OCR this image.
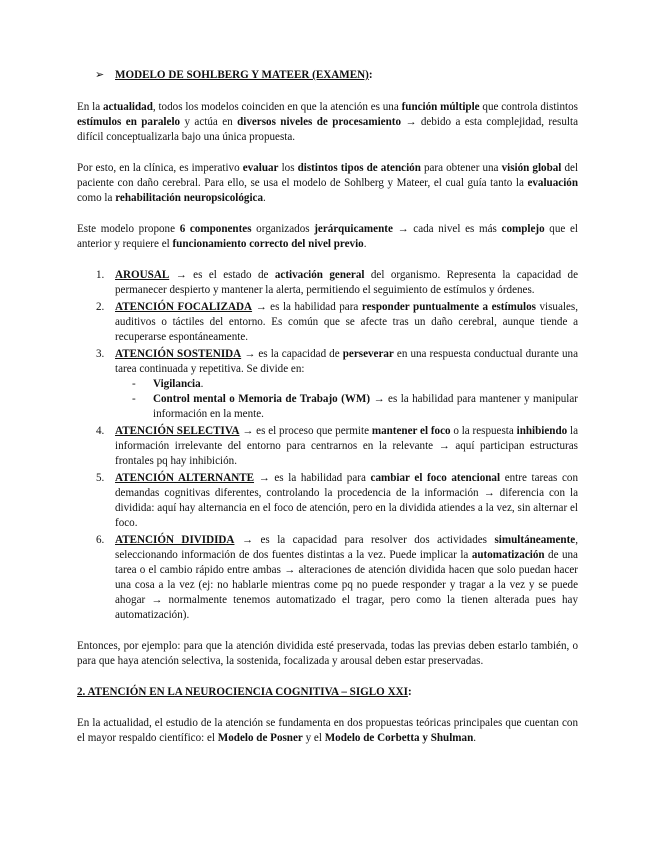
➢ MODELO DE SOHLBERG Y MATEER (EXAMEN):

En la actualidad, todos los modelos coinciden en que la atención es una función múltiple que controla distintos estímulos en paralelo y actúa en diversos niveles de procesamiento → debido a esta complejidad, resulta difícil conceptualizarla bajo una única propuesta.

Por esto, en la clínica, es imperativo evaluar los distintos tipos de atención para obtener una visión global del paciente con daño cerebral. Para ello, se usa el modelo de Sohlberg y Mateer, el cual guía tanto la evaluación como la rehabilitación neuropsicológica.

Este modelo propone 6 componentes organizados jerárquicamente → cada nivel es más complejo que el anterior y requiere el funcionamiento correcto del nivel previo.

1. AROUSAL → es el estado de activación general del organismo. Representa la capacidad de permanecer despierto y mantener la alerta, permitiendo el seguimiento de estímulos y órdenes.
2. ATENCIÓN FOCALIZADA → es la habilidad para responder puntualmente a estímulos visuales, auditivos o táctiles del entorno. Es común que se afecte tras un daño cerebral, aunque tiende a recuperarse espontáneamente.
3. ATENCIÓN SOSTENIDA → es la capacidad de perseverar en una respuesta conductual durante una tarea continuada y repetitiva. Se divide en:
- Vigilancia.
- Control mental o Memoria de Trabajo (WM) → es la habilidad para mantener y manipular información en la mente.
4. ATENCIÓN SELECTIVA → es el proceso que permite mantener el foco o la respuesta inhibiendo la información irrelevante del entorno para centrarnos en la relevante → aquí participan estructuras frontales pq hay inhibición.
5. ATENCIÓN ALTERNANTE → es la habilidad para cambiar el foco atencional entre tareas con demandas cognitivas diferentes, controlando la procedencia de la información → diferencia con la dividida: aquí hay alternancia en el foco de atención, pero en la dividida atiendes a la vez, sin alternar el foco.
6. ATENCIÓN DIVIDIDA → es la capacidad para resolver dos actividades simultáneamente, seleccionando información de dos fuentes distintas a la vez. Puede implicar la automatización de una tarea o el cambio rápido entre ambas → alteraciones de atención dividida hacen que solo puedan hacer una cosa a la vez (ej: no hablarle mientras come pq no puede responder y tragar a la vez y se puede ahogar → normalmente tenemos automatizado el tragar, pero como la tienen alterada pues hay automatización).

Entonces, por ejemplo: para que la atención dividida esté preservada, todas las previas deben estarlo también, o para que haya atención selectiva, la sostenida, focalizada y arousal deben estar preservadas.

2. ATENCIÓN EN LA NEUROCIENCIA COGNITIVA – SIGLO XXI:

En la actualidad, el estudio de la atención se fundamenta en dos propuestas teóricas principales que cuentan con el mayor respaldo científico: el Modelo de Posner y el Modelo de Corbetta y Shulman.
